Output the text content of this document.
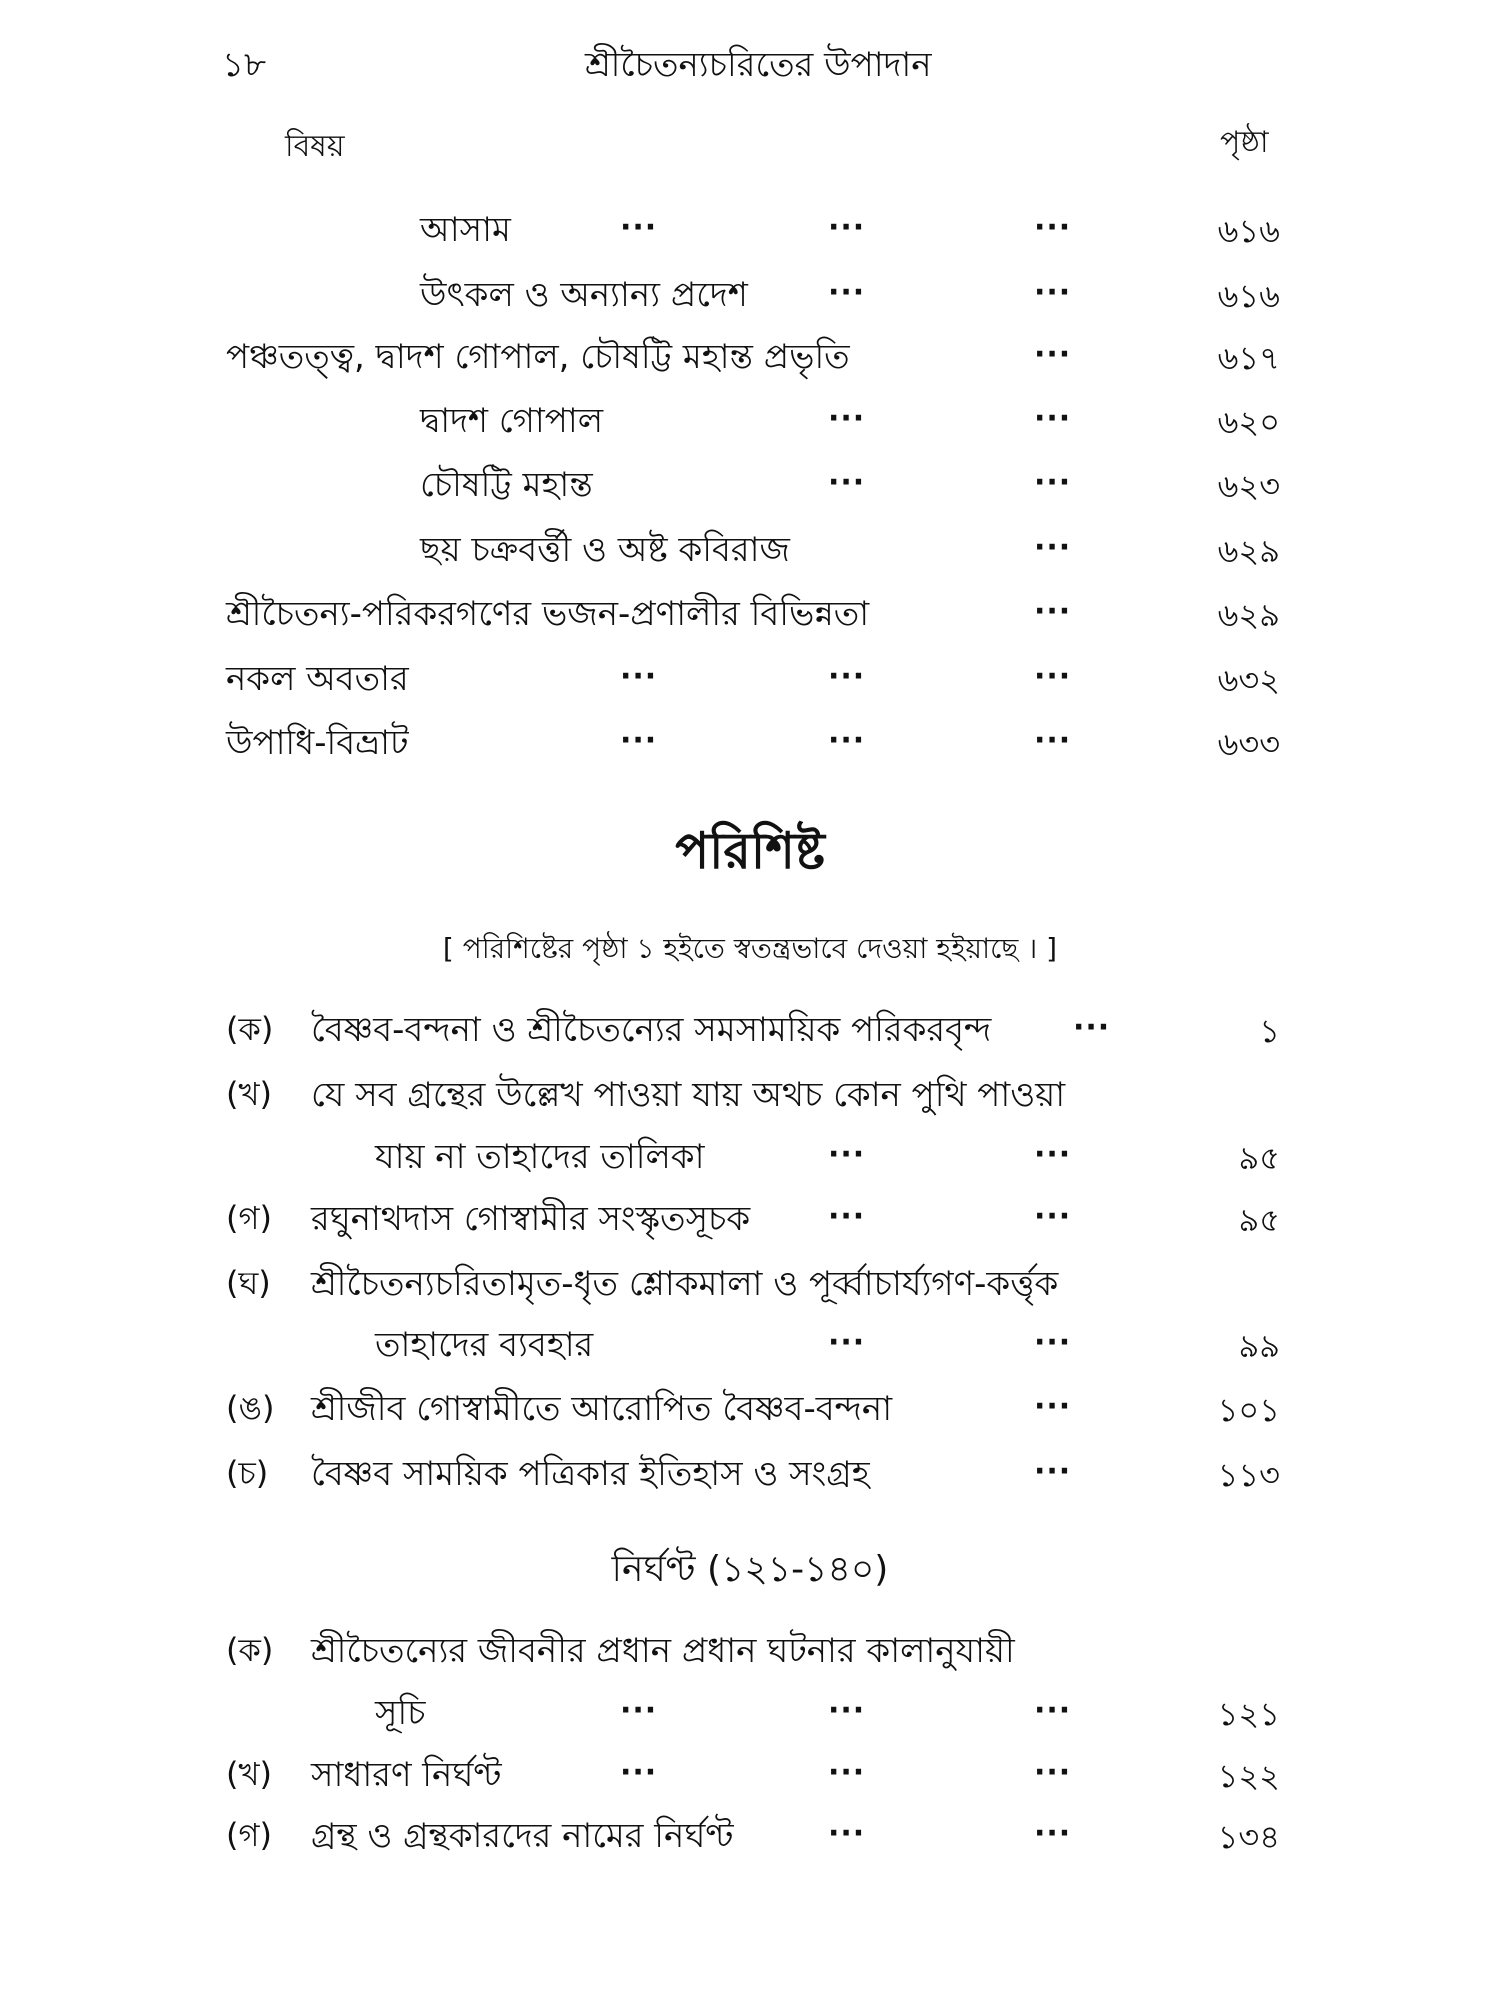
১৮	শ্রীচৈতন্যচরিতের উপাদান
বিষয়	পৃষ্ঠা
পরিশিষ্ট
[ পরিশিষ্টের পৃষ্ঠা ১ হইতে স্বতন্ত্রভাবে দেওয়া হইয়াছে । ]
নির্ঘণ্ট (১২১-১৪০)
আসাম	···	···	···	৬১৬
উৎকল ও অন্যান্য প্রদেশ	···	···	৬১৬
পঞ্চতত্ত্ব, দ্বাদশ গোপাল, চৌষট্টি মহান্ত প্রভৃতি	···	৬১৭
দ্বাদশ গোপাল	···	···	৬২০
চৌষট্টি মহান্ত	···	···	৬২৩
ছয় চক্রবর্ত্তী ও অষ্ট কবিরাজ	···	৬২৯
শ্রীচৈতন্য-পরিকরগণের ভজন-প্রণালীর বিভিন্নতা	···	৬২৯
নকল অবতার	···	···	···	৬৩২
উপাধি-বিভ্রাট	···	···	···	৬৩৩
(ক) বৈষ্ণব-বন্দনা ও শ্রীচৈতন্যের সমসাময়িক পরিকরবৃন্দ	···	১
(খ) যে সব গ্রন্থের উল্লেখ পাওয়া যায় অথচ কোন পুথি পাওয়া
যায় না তাহাদের তালিকা	···	···	৯৫
(গ) রঘুনাথদাস গোস্বামীর সংস্কৃতসূচক	···	···	৯৫
(ঘ) শ্রীচৈতন্যচরিতামৃত-ধৃত শ্লোকমালা ও পূর্ব্বাচার্য্যগণ-কর্ত্তৃক
তাহাদের ব্যবহার	···	···	৯৯
(ঙ) শ্রীজীব গোস্বামীতে আরোপিত বৈষ্ণব-বন্দনা	···	১০১
(চ) বৈষ্ণব সাময়িক পত্রিকার ইতিহাস ও সংগ্রহ	···	১১৩
(ক) শ্রীচৈতন্যের জীবনীর প্রধান প্রধান ঘটনার কালানুযায়ী
সূচি	···	···	···	১২১
(খ) সাধারণ নির্ঘণ্ট	···	···	···	১২২
(গ) গ্রন্থ ও গ্রন্থকারদের নামের নির্ঘণ্ট	···	···	১৩৪
